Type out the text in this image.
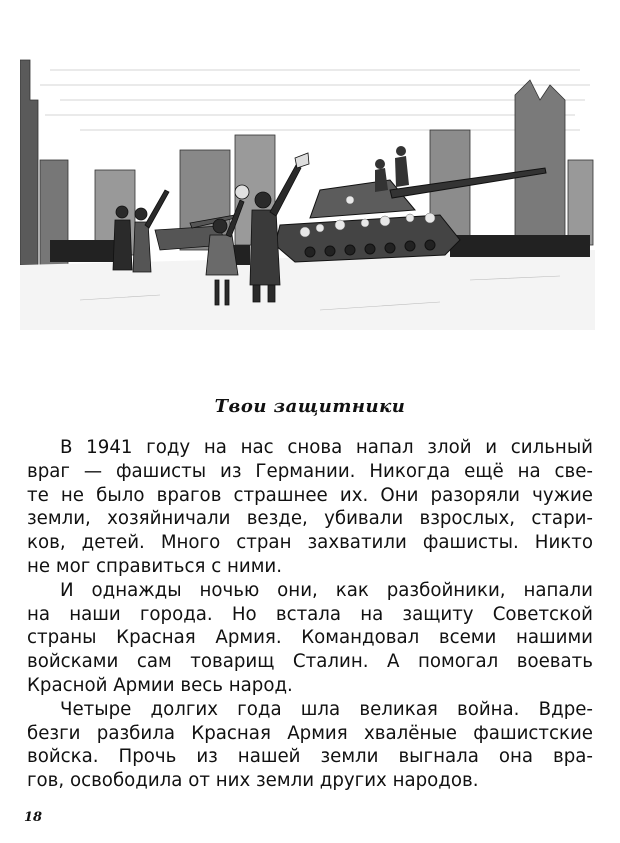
Твои защитники
В 1941 году на нас снова напал злой и сильный
враг — фашисты из Германии. Никогда ещё на све-
те не было врагов страшнее их. Они разоряли чужие
земли, хозяйничали везде, убивали взрослых, стари-
ков, детей. Много стран захватили фашисты. Никто
не мог справиться с ними.
И однажды ночью они, как разбойники, напали
на наши города. Но встала на защиту Советской
страны Красная Армия. Командовал всеми нашими
войсками сам товарищ Сталин. А помогал воевать
Красной Армии весь народ.
Четыре долгих года шла великая война. Вдре-
безги разбила Красная Армия хвалёные фашистские
войска. Прочь из нашей земли выгнала она вра-
гов, освободила от них земли других народов.
18
